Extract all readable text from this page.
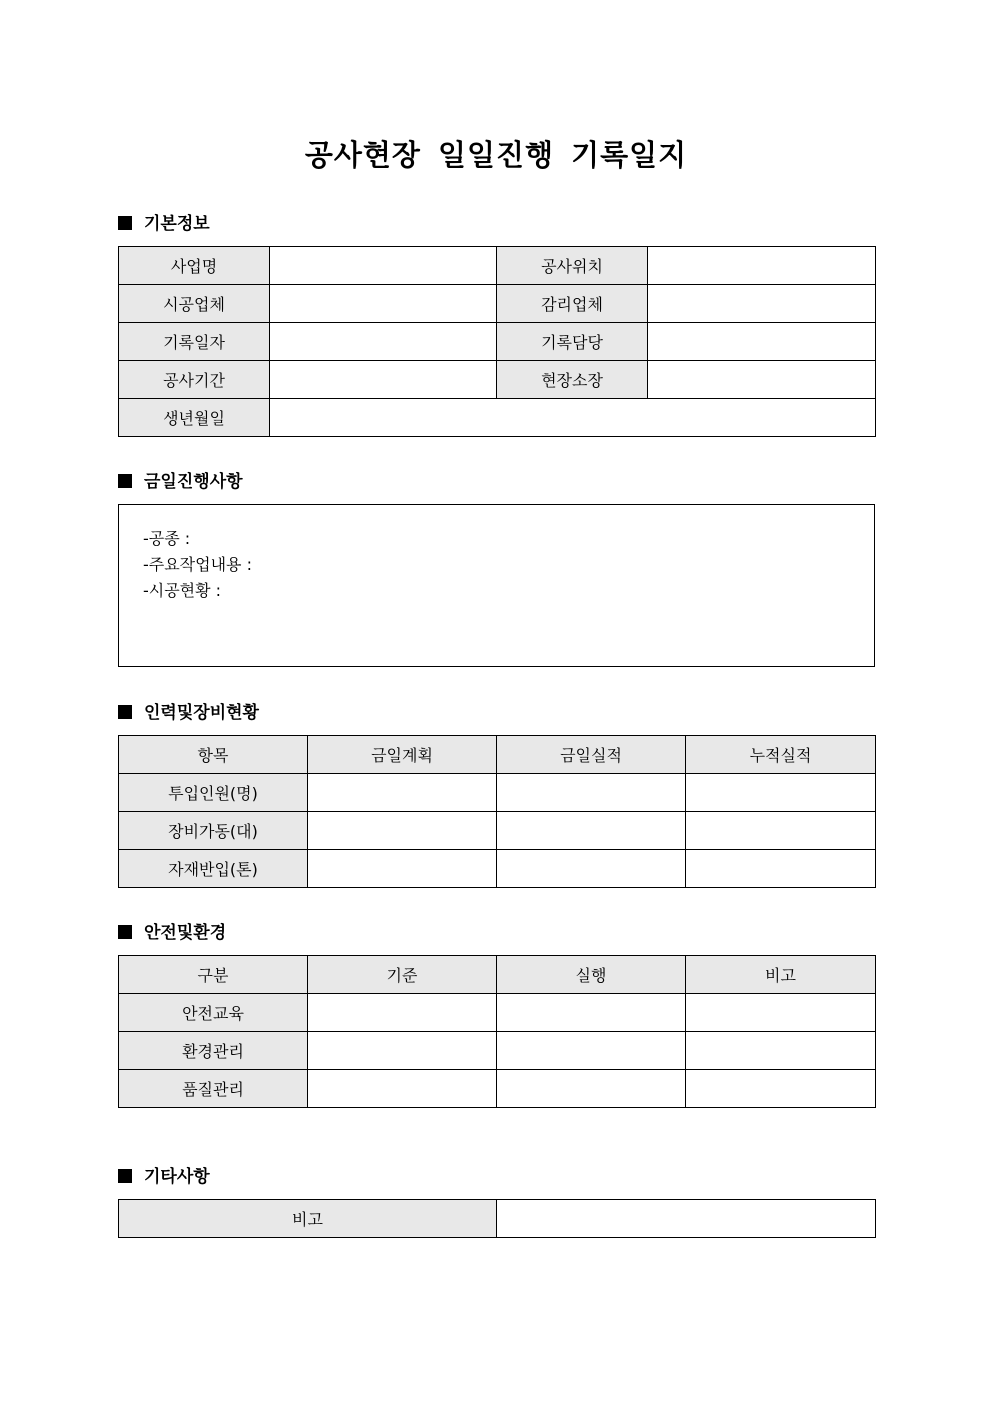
공사현장 일일진행 기록일지
기본정보
사업명		공사위치	
시공업체		감리업체	
기록일자		기록담당	
공사기간		현장소장	
생년월일			
금일진행사항
-공종 :
-주요작업내용 :
-시공현황 :
인력및장비현황
항목	금일계획	금일실적	누적실적
투입인원(명)			
장비가동(대)			
자재반입(톤)			
안전및환경
구분	기준	실행	비고
안전교육			
환경관리			
품질관리			
기타사항
비고	
